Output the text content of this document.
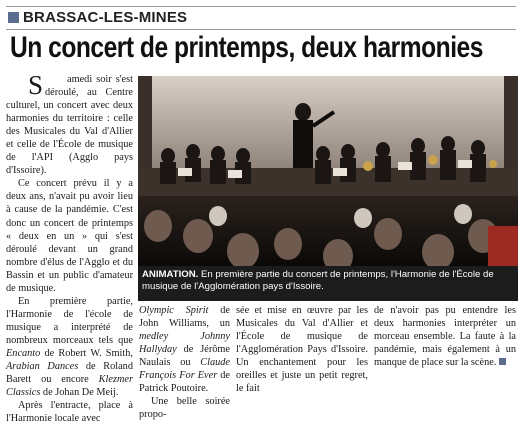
BRASSAC-LES-MINES
Un concert de printemps, deux harmonies

S amedi soir s'est déroulé, au Centre culturel, un concert avec deux harmonies du territoire : celle des Musicales du Val d'Allier et celle de l'École de musique de l'API (Agglo pays d'Issoire).

Ce concert prévu il y a deux ans, n'avait pu avoir lieu à cause de la pandémie. C'est donc un concert de printemps « deux en un » qui s'est déroulé devant un grand nombre d'élus de l'Agglo et du Bassin et un public d'amateur de musique.

En première partie, l'Harmonie de l'école de musique a interprété de nombreux morceaux tels que Encanto de Robert W. Smith, Arabian Dances de Roland Barett ou encore Klezmer Classics de Johan De Meij.

Après l'entracte, place à l'Harmonie locale avec

ANIMATION. En première partie du concert de printemps, l'Harmonie de l'École de musique de l'Agglomération pays d'Issoire.
Olympic Spirit de John Williams, un medley Johnny Hallyday de Jérôme Naulais ou Claude François For Ever de Patrick Poutoire.
Une belle soirée propo-
sée et mise en œuvre par les Musicales du Val d'Allier et l'École de musique de l'Agglomération Pays d'Issoire. Un enchantement pour les oreilles et juste un petit regret, le fait
de n'avoir pas pu entendre les deux harmonies interpréter un morceau ensemble. La faute à la pandémie, mais également à un manque de place sur la scène.
